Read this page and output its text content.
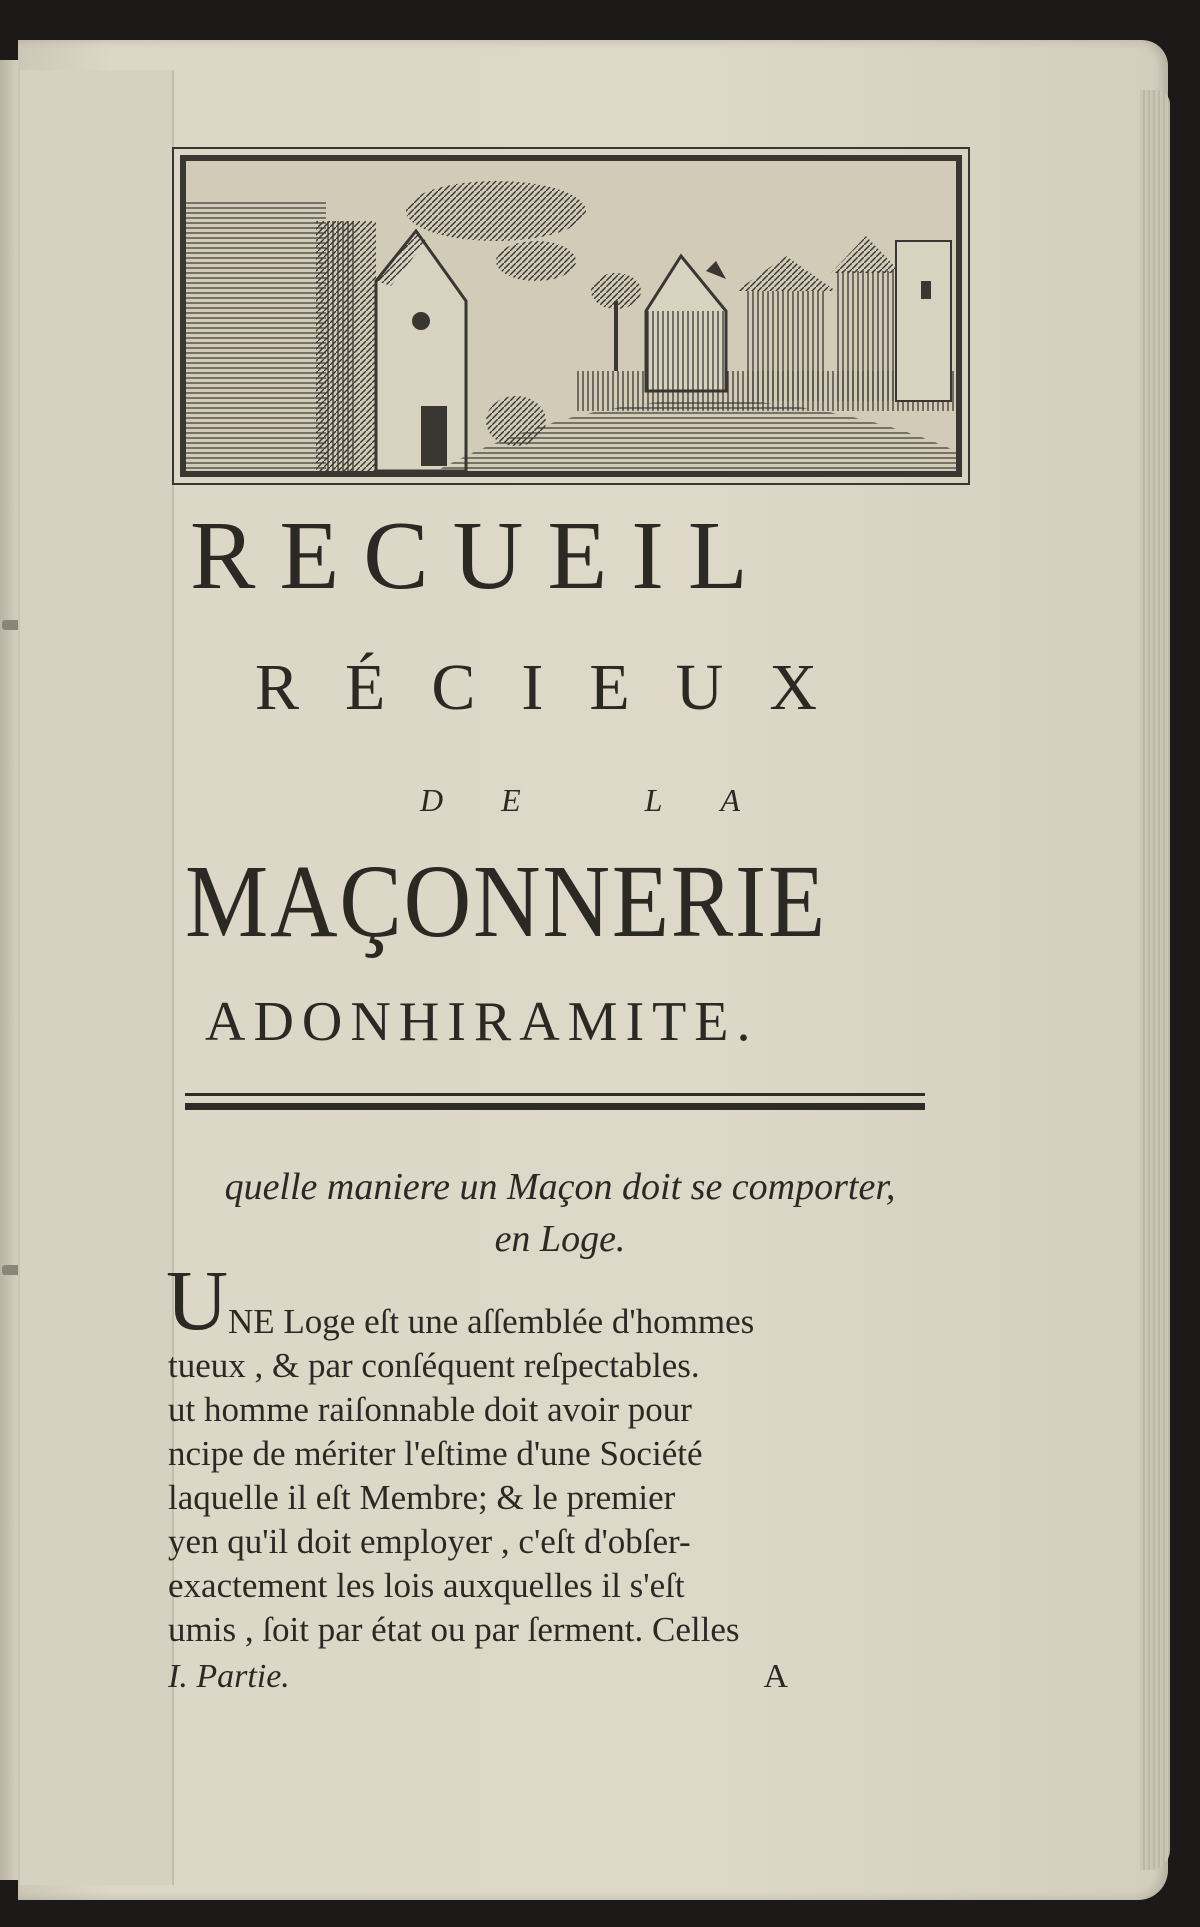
RECUEIL
RÉCIEUX
DE LA
MAÇONNERIE
ADONHIRAMITE.
quelle maniere un Maçon doit se comporter,
en Loge.
U NE Loge eſt une aſſemblée d'hommes
tueux , & par conſéquent reſpectables.
ut homme raiſonnable doit avoir pour
ncipe de mériter l'eſtime d'une Société
laquelle il eſt Membre; & le premier
yen qu'il doit employer , c'eſt d'obſer-
exactement les lois auxquelles il s'eſt
umis , ſoit par état ou par ſerment. Celles
I. Partie.	A
